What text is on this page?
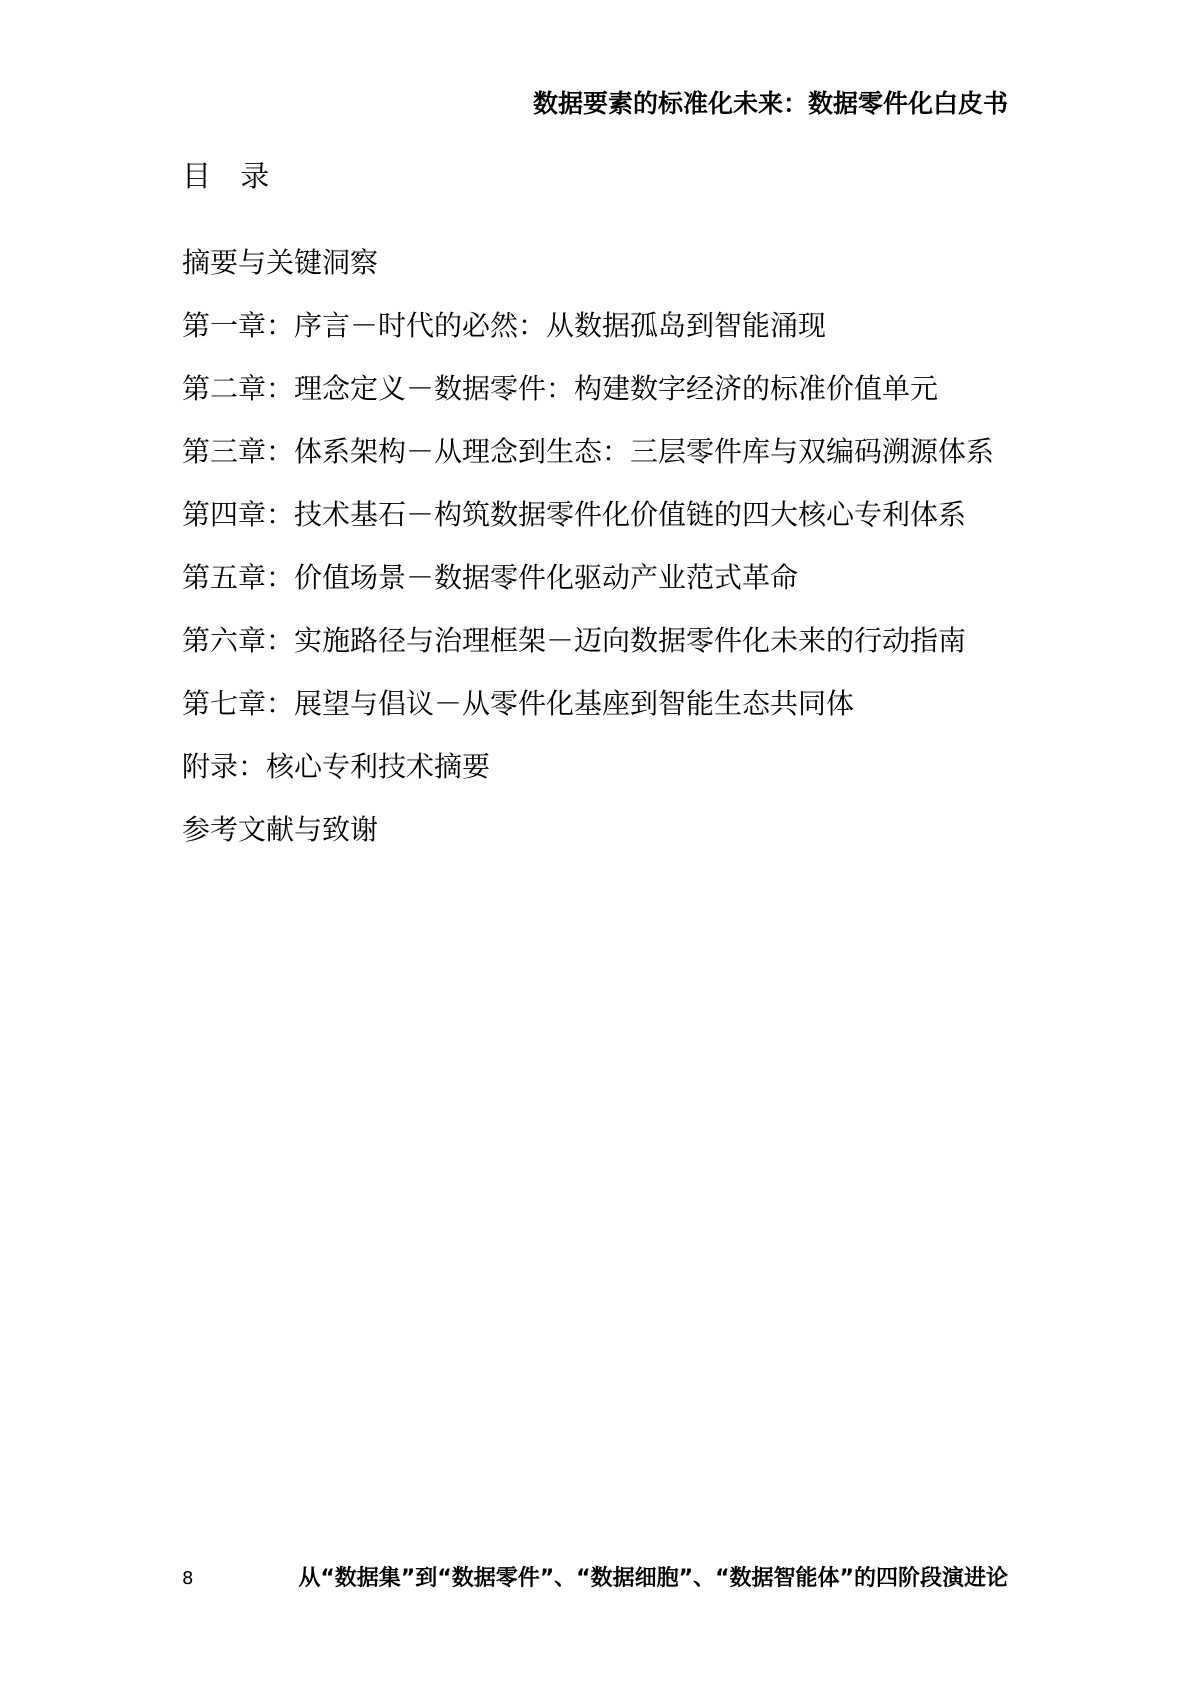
数据要素的标准化未来：数据零件化白皮书
目 录
摘要与关键洞察
第一章：序言－时代的必然：从数据孤岛到智能涌现
第二章：理念定义－数据零件：构建数字经济的标准价值单元
第三章：体系架构－从理念到生态：三层零件库与双编码溯源体系
第四章：技术基石－构筑数据零件化价值链的四大核心专利体系
第五章：价值场景－数据零件化驱动产业范式革命
第六章：实施路径与治理框架－迈向数据零件化未来的行动指南
第七章：展望与倡议－从零件化基座到智能生态共同体
附录：核心专利技术摘要
参考文献与致谢
8	从“数据集”到“数据零件”、“数据细胞”、“数据智能体”的四阶段演进论
